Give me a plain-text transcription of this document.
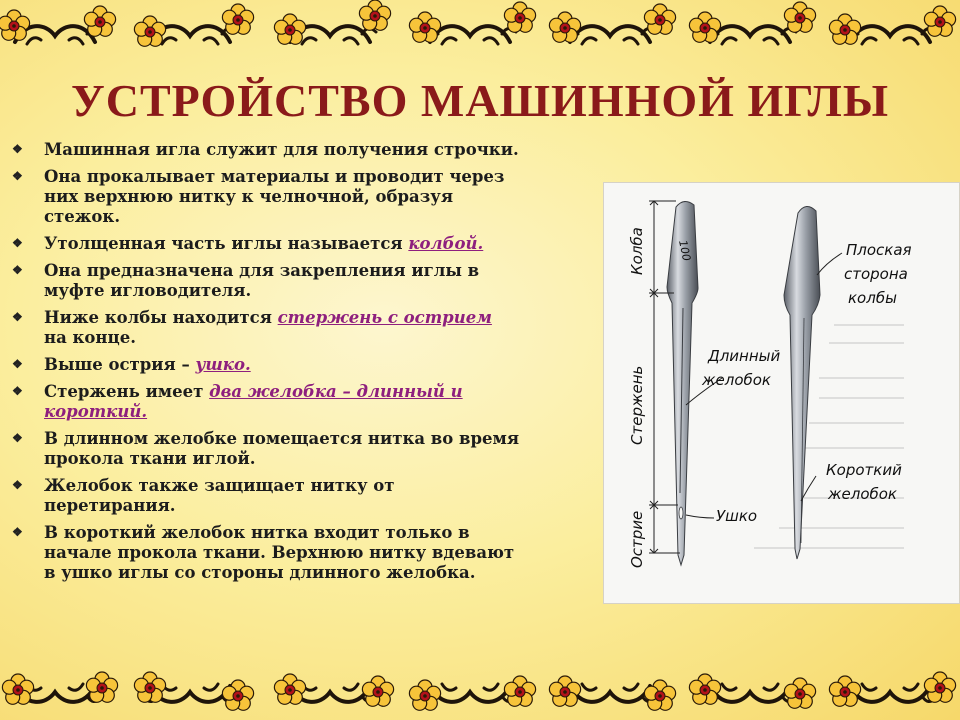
УСТРОЙСТВО МАШИННОЙ ИГЛЫ
❖ Машинная игла служит для получения строчки.
❖ Она прокалывает материалы и проводит через
них верхнюю нитку к челночной, образуя
стежок.
❖ Утолщенная часть иглы называется колбой.
❖ Она предназначена для закрепления иглы в
муфте игловодителя.
❖ Ниже колбы находится стержень с острием
на конце.
❖ Выше острия – ушко.
❖ Стержень имеет два желобка – длинный и
короткий.
❖ В длинном желобке помещается нитка во время
прокола ткани иглой.
❖ Желобок также защищает нитку от
перетирания.
❖ В короткий желобок нитка входит только в
начале прокола ткани. Верхнюю нитку вдевают
в ушко иглы со стороны длинного желобка.
100
Колба
Стержень
Острие
Плоская
сторона
колбы
Длинный
желобок
Короткий
желобок
Ушко
